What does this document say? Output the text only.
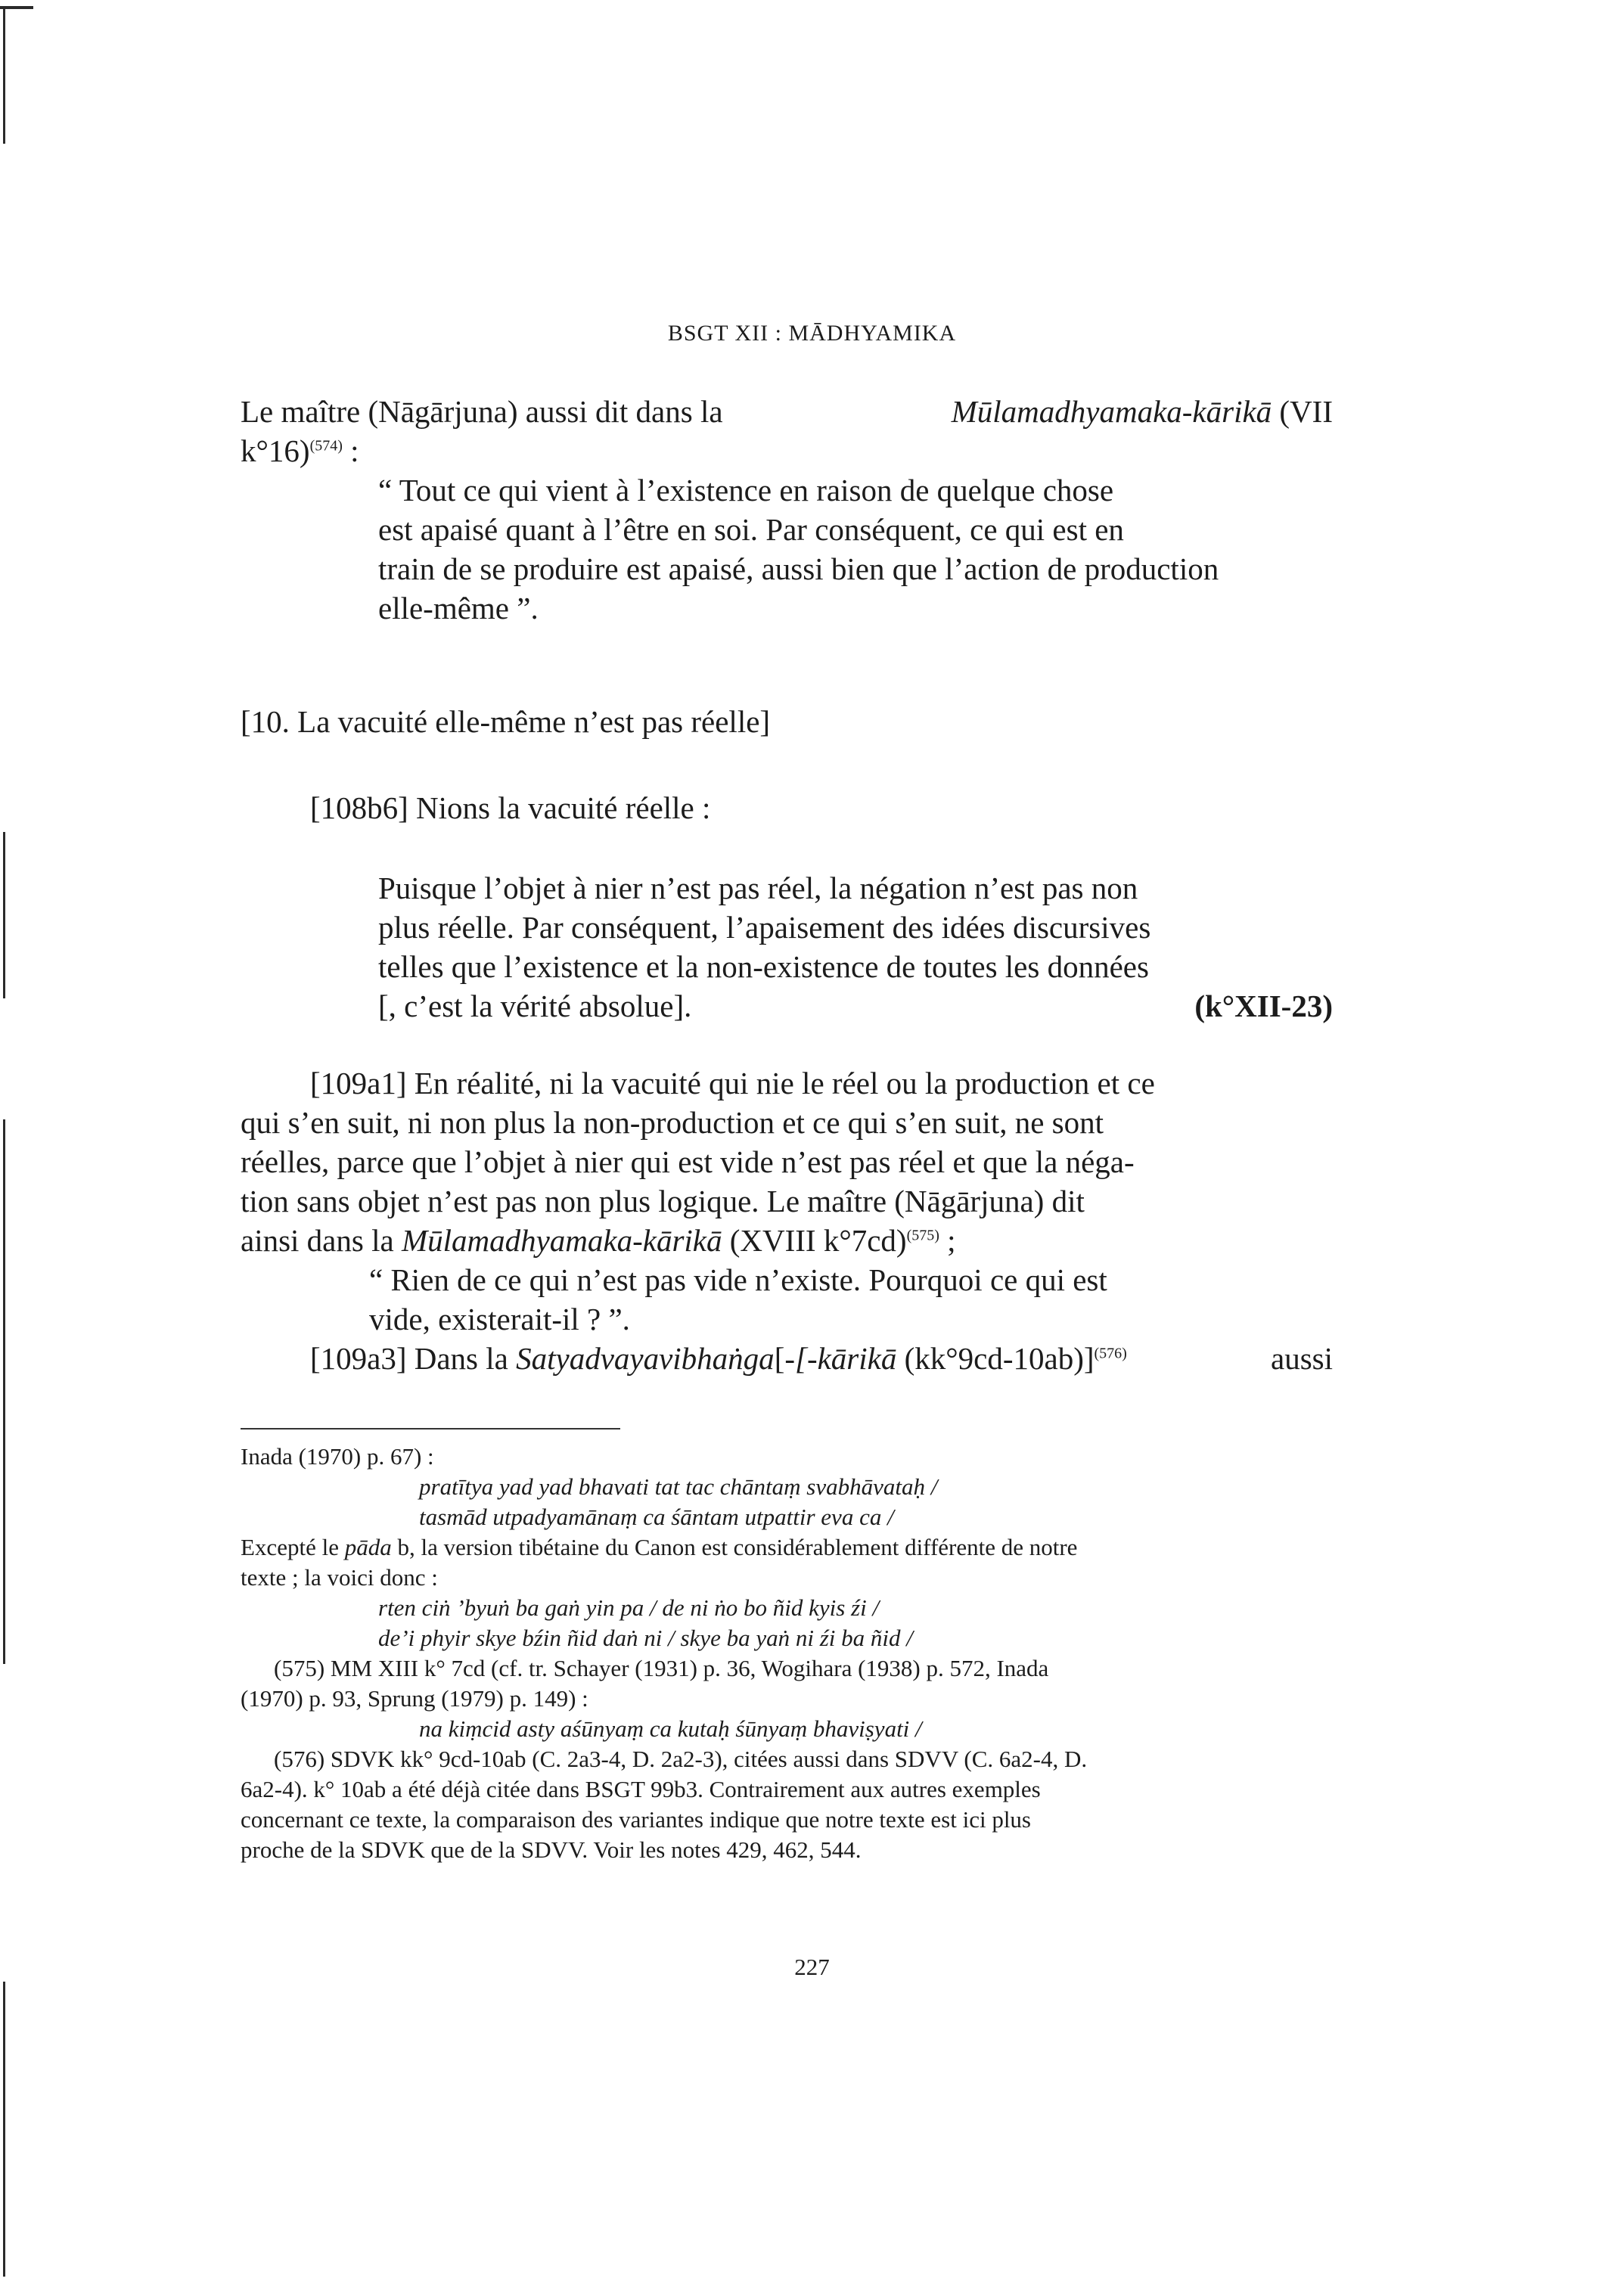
BSGT XII : MĀDHYAMIKA
Le maître (Nāgārjuna) aussi dit dans la	Mūlamadhyamaka-kārikā (VII
k°16)$^{(574)}$ :
“ Tout ce qui vient à l’existence en raison de quelque chose
est apaisé quant à l’être en soi. Par conséquent, ce qui est en
train de se produire est apaisé, aussi bien que l’action de production
elle-même ”.
[10. La vacuité elle-même n’est pas réelle]
[108b6] Nions la vacuité réelle :
Puisque l’objet à nier n’est pas réel, la négation n’est pas non
plus réelle. Par conséquent, l’apaisement des idées discursives
telles que l’existence et la non-existence de toutes les données
[, c’est la vérité absolue].	(k°XII-23)
[109a1] En réalité, ni la vacuité qui nie le réel ou la production et ce
qui s’en suit, ni non plus la non-production et ce qui s’en suit, ne sont
réelles, parce que l’objet à nier qui est vide n’est pas réel et que la néga-
tion sans objet n’est pas non plus logique. Le maître (Nāgārjuna) dit
ainsi dans la Mūlamadhyamaka-kārikā (XVIII k°7cd)$^{(575)}$ ;
“ Rien de ce qui n’est pas vide n’existe. Pourquoi ce qui est
vide, existerait-il ? ”.
[109a3] Dans la Satyadvayavibhaṅga[-[-kārikā (kk°9cd-10ab)]$^{(576)}$	aussi
Inada (1970) p. 67) :
pratītya yad yad bhavati tat tac chāntaṃ svabhāvataḥ /
tasmād utpadyamānaṃ ca śāntam utpattir eva ca /
Excepté le pāda b, la version tibétaine du Canon est considérablement différente de notre
texte ; la voici donc :
rten ciṅ ’byuṅ ba gaṅ yin pa / de ni ṅo bo ñid kyis źi /
de’i phyir skye bźin ñid daṅ ni / skye ba yaṅ ni źi ba ñid /
(575) MM XIII k° 7cd (cf. tr. Schayer (1931) p. 36, Wogihara (1938) p. 572, Inada
(1970) p. 93, Sprung (1979) p. 149) :
na kiṃcid asty aśūnyaṃ ca kutaḥ śūnyaṃ bhaviṣyati /
(576) SDVK kk° 9cd-10ab (C. 2a3-4, D. 2a2-3), citées aussi dans SDVV (C. 6a2-4, D.
6a2-4). k° 10ab a été déjà citée dans BSGT 99b3. Contrairement aux autres exemples
concernant ce texte, la comparaison des variantes indique que notre texte est ici plus
proche de la SDVK que de la SDVV. Voir les notes 429, 462, 544.
227
